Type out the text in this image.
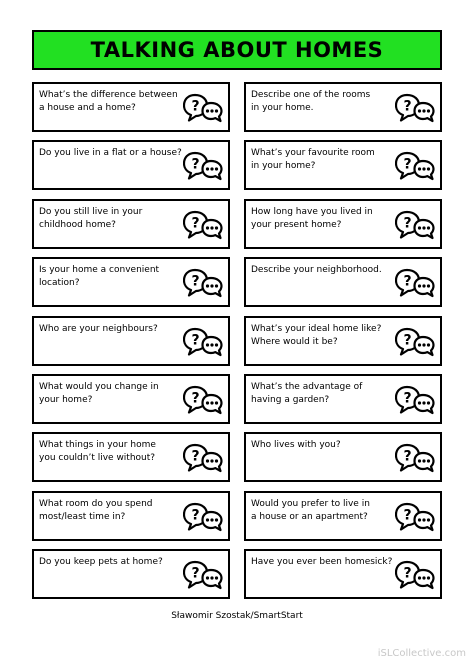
TALKING ABOUT HOMES
What’s the difference between
a house and a home?	?
Describe one of the rooms
in your home.	?
Do you live in a flat or a house?
?
What’s your favourite room
in your home?	?
Do you still live in your
childhood home?	?
How long have you lived in
your present home?	?
Is your home a convenient
location?	?
Describe your neighborhood.
?
Who are your neighbours?
?
What’s your ideal home like?
Where would it be?	?
What would you change in
your home?	?
What’s the advantage of
having a garden?	?
What things in your home
you couldn’t live without?	?
Who lives with you?
?
What room do you spend
most/least time in?	?
Would you prefer to live in
a house or an apartment?	?
Do you keep pets at home?
?
Have you ever been homesick?
?
Sławomir Szostak/SmartStart
iSLCollective.com
